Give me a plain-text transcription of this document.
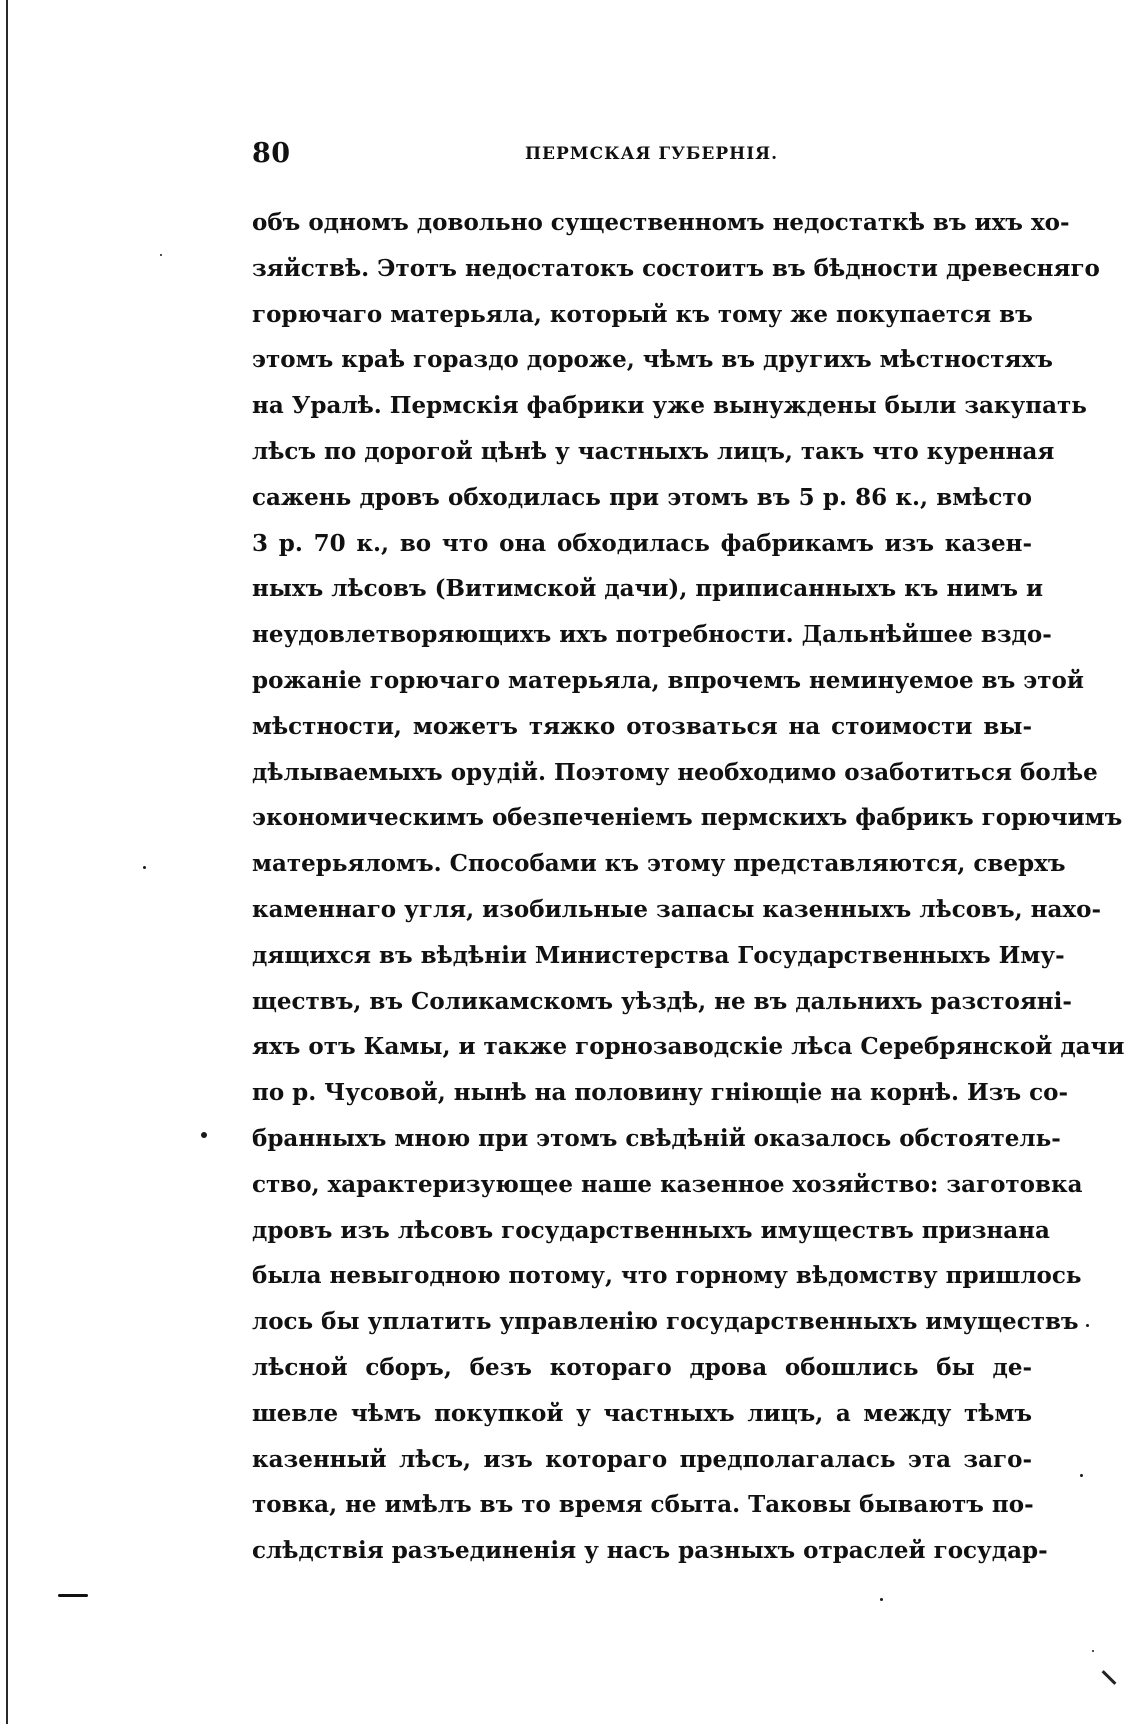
80	ПЕРМСКАЯ ГУБЕРНІЯ.
объ одномъ довольно существенномъ недостаткѣ въ ихъ хо-
зяйствѣ. Этотъ недостатокъ состоитъ въ бѣдности древесняго
горючаго матерьяла, который къ тому же покупается въ
этомъ краѣ гораздо дороже, чѣмъ въ другихъ мѣстностяхъ
на Уралѣ. Пермскія фабрики уже вынуждены были закупать
лѣсъ по дорогой цѣнѣ у частныхъ лицъ, такъ что куренная
сажень дровъ обходилась при этомъ въ 5 р. 86 к., вмѣсто
3 р. 70 к., во что она обходилась фабрикамъ изъ казен-
ныхъ лѣсовъ (Витимской дачи), приписанныхъ къ нимъ и
неудовлетворяющихъ ихъ потребности. Дальнѣйшее вздо-
рожаніе горючаго матерьяла, впрочемъ неминуемое въ этой
мѣстности, можетъ тяжко отозваться на стоимости вы-
дѣлываемыхъ орудій. Поэтому необходимо озаботиться болѣе
экономическимъ обезпеченіемъ пермскихъ фабрикъ горючимъ
матерьяломъ. Способами къ этому представляются, сверхъ
каменнаго угля, изобильные запасы казенныхъ лѣсовъ, нахо-
дящихся въ вѣдѣніи Министерства Государственныхъ Иму-
ществъ, въ Соликамскомъ уѣздѣ, не въ дальнихъ разстояні-
яхъ отъ Камы, и также горнозаводскіе лѣса Серебрянской дачи
по р. Чусовой, нынѣ на половину гніющіе на корнѣ. Изъ со-
бранныхъ мною при этомъ свѣдѣній оказалось обстоятель-
ство, характеризующее наше казенное хозяйство: заготовка
дровъ изъ лѣсовъ государственныхъ имуществъ признана
была невыгодною потому, что горному вѣдомству пришлось
лось бы уплатить управленію государственныхъ имуществъ
лѣсной сборъ, безъ котораго дрова обошлись бы де-
шевле чѣмъ покупкой у частныхъ лицъ, а между тѣмъ
казенный лѣсъ, изъ котораго предполагалась эта заго-
товка, не имѣлъ въ то время сбыта. Таковы бываютъ по-
слѣдствія разъединенія у насъ разныхъ отраслей государ-
